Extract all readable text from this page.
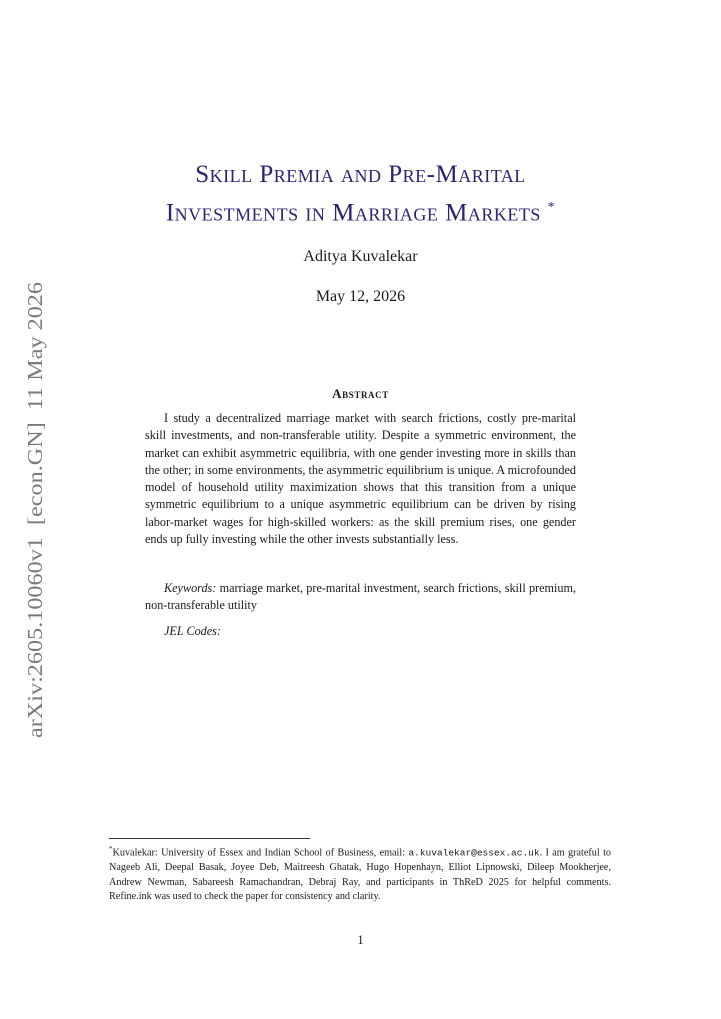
arXiv:2605.10060v1  [econ.GN]  11 May 2026
Skill Premia and Pre-Marital
Investments in Marriage Markets *
Aditya Kuvalekar
May 12, 2026
Abstract
I study a decentralized marriage market with search frictions, costly pre-marital skill investments, and non-transferable utility. Despite a symmetric environment, the market can exhibit asymmetric equilibria, with one gender investing more in skills than the other; in some environments, the asymmetric equilibrium is unique. A microfounded model of household utility maximization shows that this transition from a unique symmetric equilibrium to a unique asymmetric equilibrium can be driven by rising labor-market wages for high-skilled workers: as the skill premium rises, one gender ends up fully investing while the other invests substantially less.
Keywords: marriage market, pre-marital investment, search frictions, skill premium, non-transferable utility
JEL Codes:
*Kuvalekar: University of Essex and Indian School of Business, email: a.kuvalekar@essex.ac.uk. I am grateful to Nageeb Ali, Deepal Basak, Joyee Deb, Maitreesh Ghatak, Hugo Hopenhayn, Elliot Lipnowski, Dileep Mookherjee, Andrew Newman, Sabareesh Ramachandran, Debraj Ray, and participants in ThReD 2025 for helpful comments. Refine.ink was used to check the paper for consistency and clarity.
1
